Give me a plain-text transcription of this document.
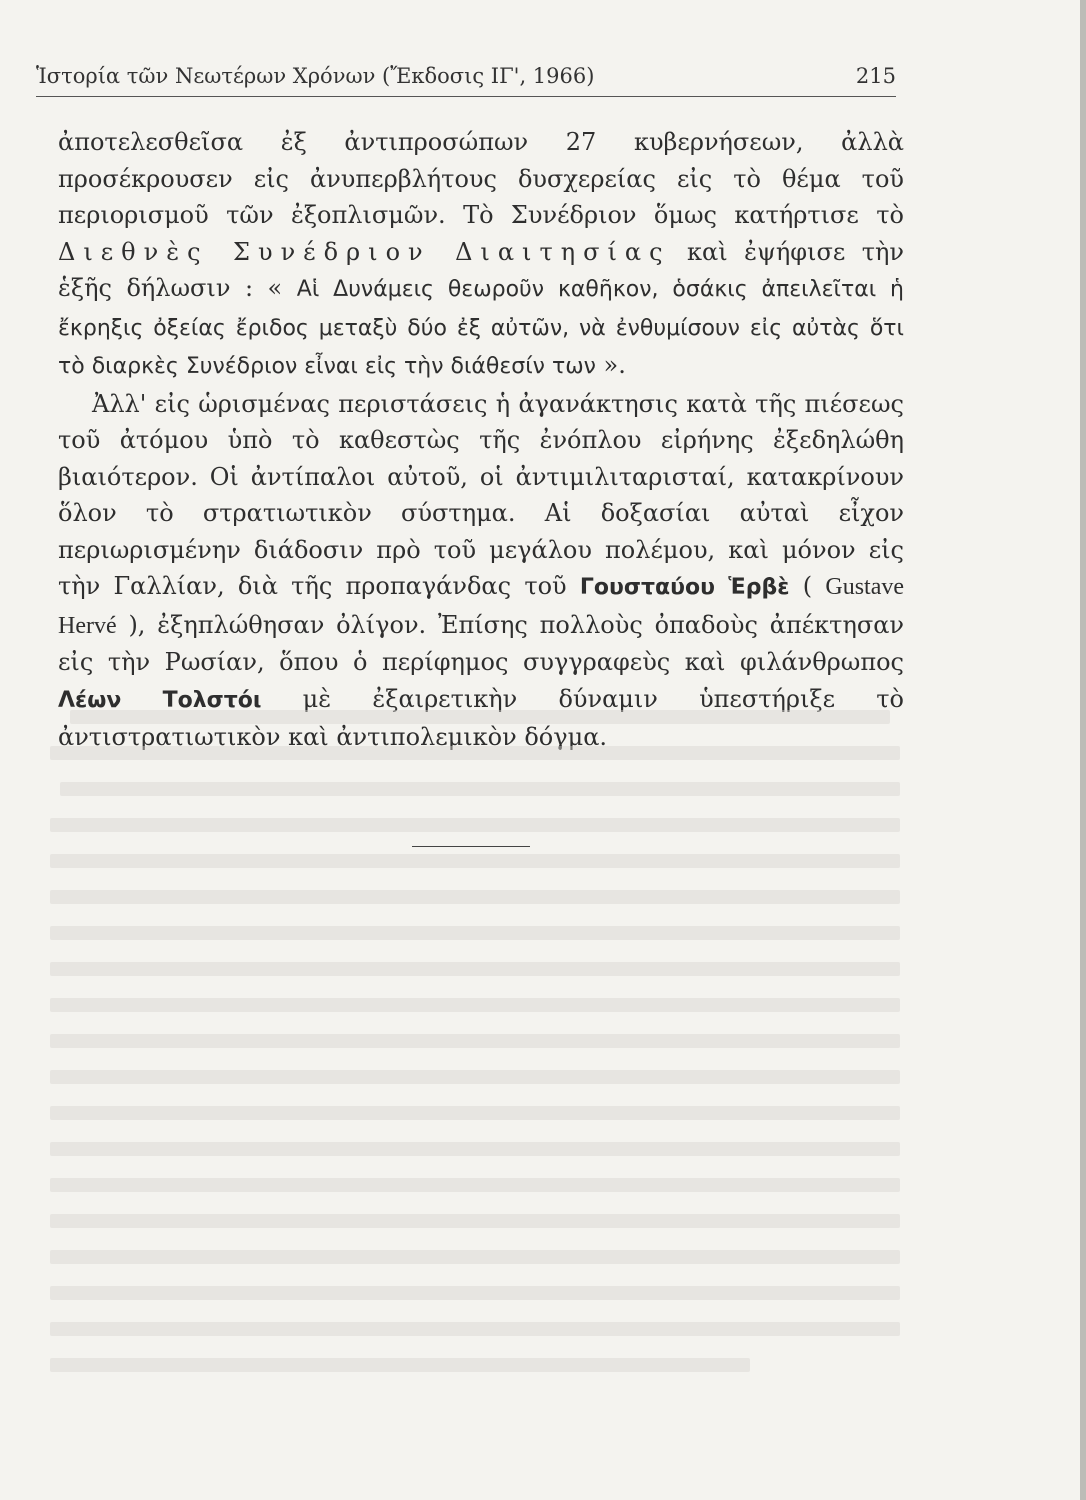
Ἱστορία τῶν Νεωτέρων Χρόνων (Ἔκδοσις ΙΓ', 1966)	215

ἀποτελεσθεῖσα ἐξ ἀντιπροσώπων 27 κυβερνήσεων, ἀλλὰ προσέκρουσεν εἰς ἀνυπερβλήτους δυσχερείας εἰς τὸ θέμα τοῦ περιορισμοῦ τῶν ἐξοπλισμῶν. Τὸ Συνέδριον ὅμως κατήρτισε τὸ Διεθνὲς Συνέδριον Διαιτησίας καὶ ἐψήφισε τὴν ἑξῆς δήλωσιν : « Αἱ Δυνάμεις θεωροῦν καθῆκον, ὁσάκις ἀπειλεῖται ἡ ἔκρηξις ὀξείας ἔριδος μεταξὺ δύο ἐξ αὐτῶν, νὰ ἐνθυμίσουν εἰς αὐτὰς ὅτι τὸ διαρκὲς Συνέδριον εἶναι εἰς τὴν διάθεσίν των ».

Ἀλλ' εἰς ὡρισμένας περιστάσεις ἡ ἀγανάκτησις κατὰ τῆς πιέσεως τοῦ ἀτόμου ὑπὸ τὸ καθεστὼς τῆς ἐνόπλου εἰρήνης ἐξεδηλώθη βιαιότερον. Οἱ ἀντίπαλοι αὐτοῦ, οἱ ἀντιμιλιταρισταί, κατακρίνουν ὅλον τὸ στρατιωτικὸν σύστημα. Αἱ δοξασίαι αὐταὶ εἶχον περιωρισμένην διάδοσιν πρὸ τοῦ μεγάλου πολέμου, καὶ μόνον εἰς τὴν Γαλλίαν, διὰ τῆς προπαγάνδας τοῦ Γουσταύου Ἑρβὲ ( Gustave Hervé ), ἐξηπλώθησαν ὀλίγον. Ἐπίσης πολλοὺς ὀπαδοὺς ἀπέκτησαν εἰς τὴν Ρωσίαν, ὅπου ὁ περίφημος συγγραφεὺς καὶ φιλάνθρωπος Λέων Τολστόι μὲ ἐξαιρετικὴν δύναμιν ὑπεστήριξε τὸ ἀντιστρατιωτικὸν καὶ ἀντιπολεμικὸν δόγμα.
